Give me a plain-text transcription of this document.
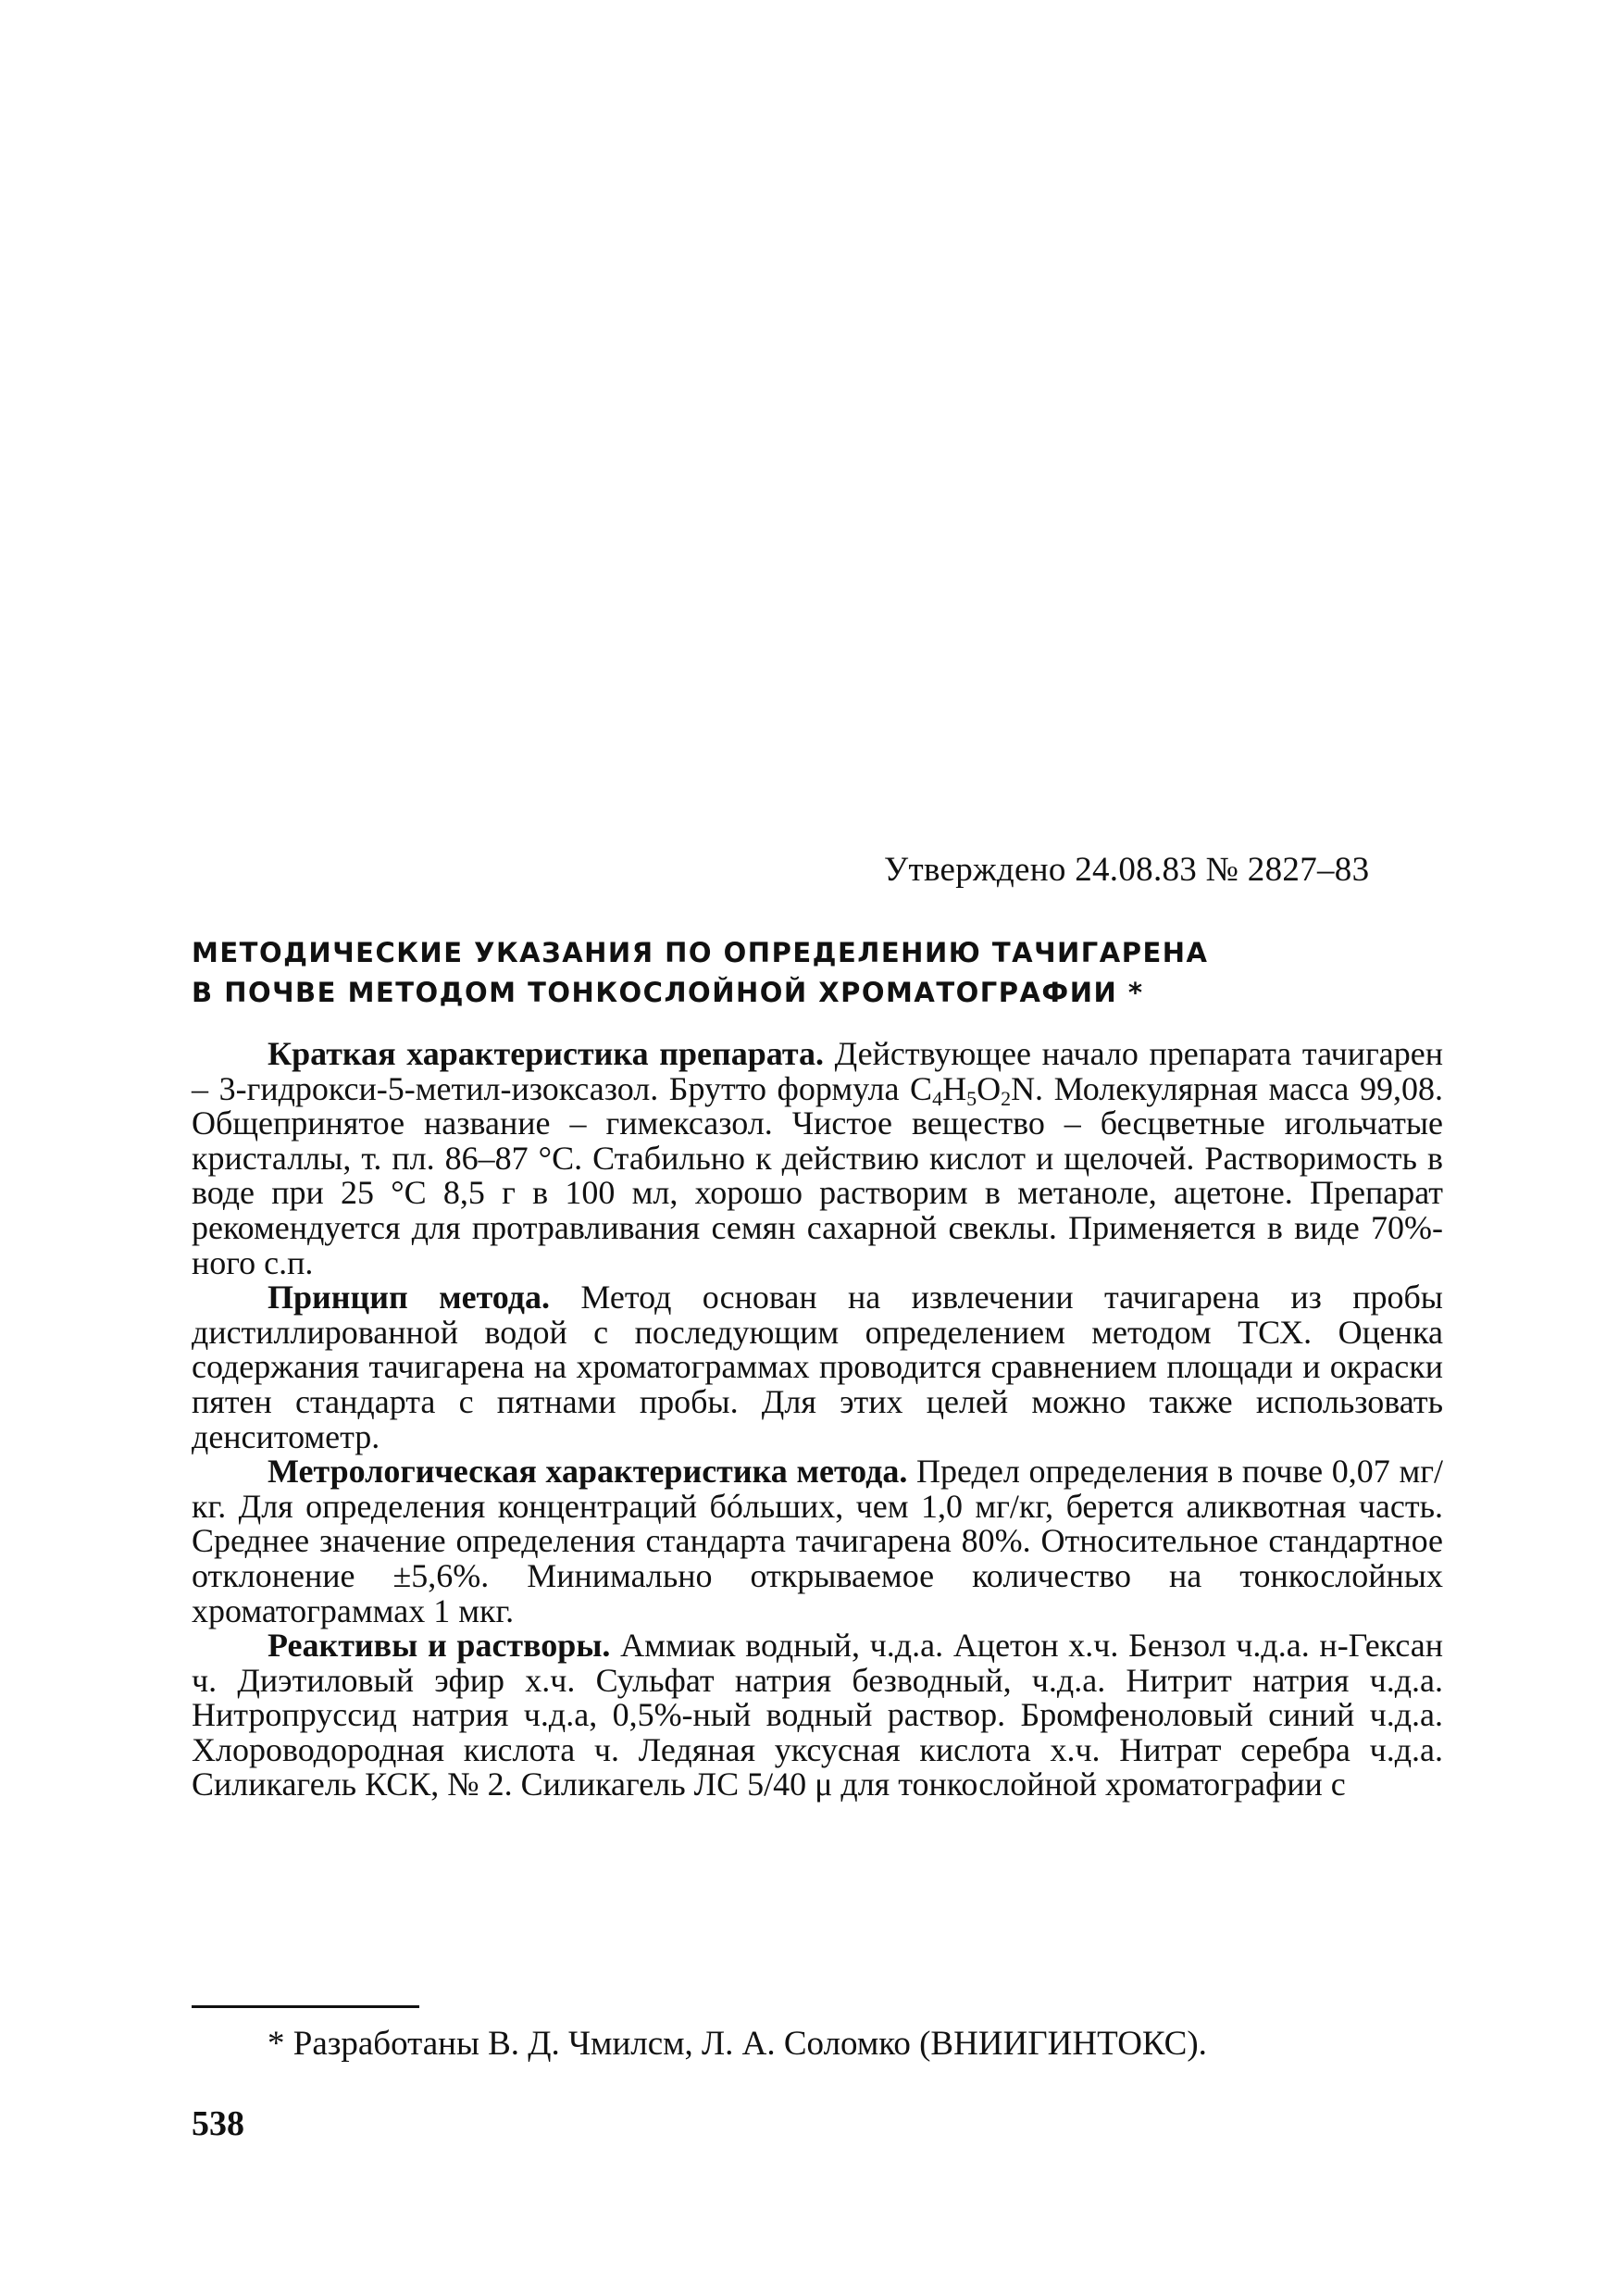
Утверждено 24.08.83 № 2827–83
МЕТОДИЧЕСКИЕ УКАЗАНИЯ ПО ОПРЕДЕЛЕНИЮ ТАЧИГАРЕНА
В ПОЧВЕ МЕТОДОМ ТОНКОСЛОЙНОЙ ХРОМАТОГРАФИИ *

Краткая характеристика препарата. Действующее начало препарата тачигарен – 3-гидрокси-5-метил-изоксазол. Брутто формула $C_4H_5O_2N$. Молекулярная масса 99,08. Общепринятое название – гимексазол. Чистое вещество – бесцветные игольчатые кристаллы, т. пл. 86–87 °С. Стабильно к действию кислот и щелочей. Растворимость в воде при 25 °С 8,5 г в 100 мл, хорошо растворим в метаноле, ацетоне. Препарат рекомендуется для протравливания семян сахарной свеклы. Применяется в виде 70%-ного с.п.

Принцип метода. Метод основан на извлечении тачигарена из пробы дистиллированной водой с последующим определением методом ТСХ. Оценка содержания тачигарена на хроматограммах проводится сравнением площади и окраски пятен стандарта с пятнами пробы. Для этих целей можно также использовать денситометр.

Метрологическая характеристика метода. Предел определения в почве 0,07 мг/кг. Для определения концентраций бóльших, чем 1,0 мг/кг, берется аликвотная часть. Среднее значение определения стандарта тачигарена 80%. Относительное стандартное отклонение ±5,6%. Минимально открываемое количество на тонкослойных хроматограммах 1 мкг.

Реактивы и растворы. Аммиак водный, ч.д.а. Ацетон х.ч. Бензол ч.д.а. н-Гексан ч. Диэтиловый эфир х.ч. Сульфат натрия безводный, ч.д.а. Нитрит натрия ч.д.а. Нитропруссид натрия ч.д.а, 0,5%-ный водный раствор. Бромфеноловый синий ч.д.а. Хлороводородная кислота ч. Ледяная уксусная кислота х.ч. Нитрат серебра ч.д.а. Силикагель КСК, № 2. Силикагель ЛС 5/40 μ для тонкослойной хроматографии с

* Разработаны В. Д. Чмилсм, Л. А. Соломко (ВНИИГИНТОКС).
538
